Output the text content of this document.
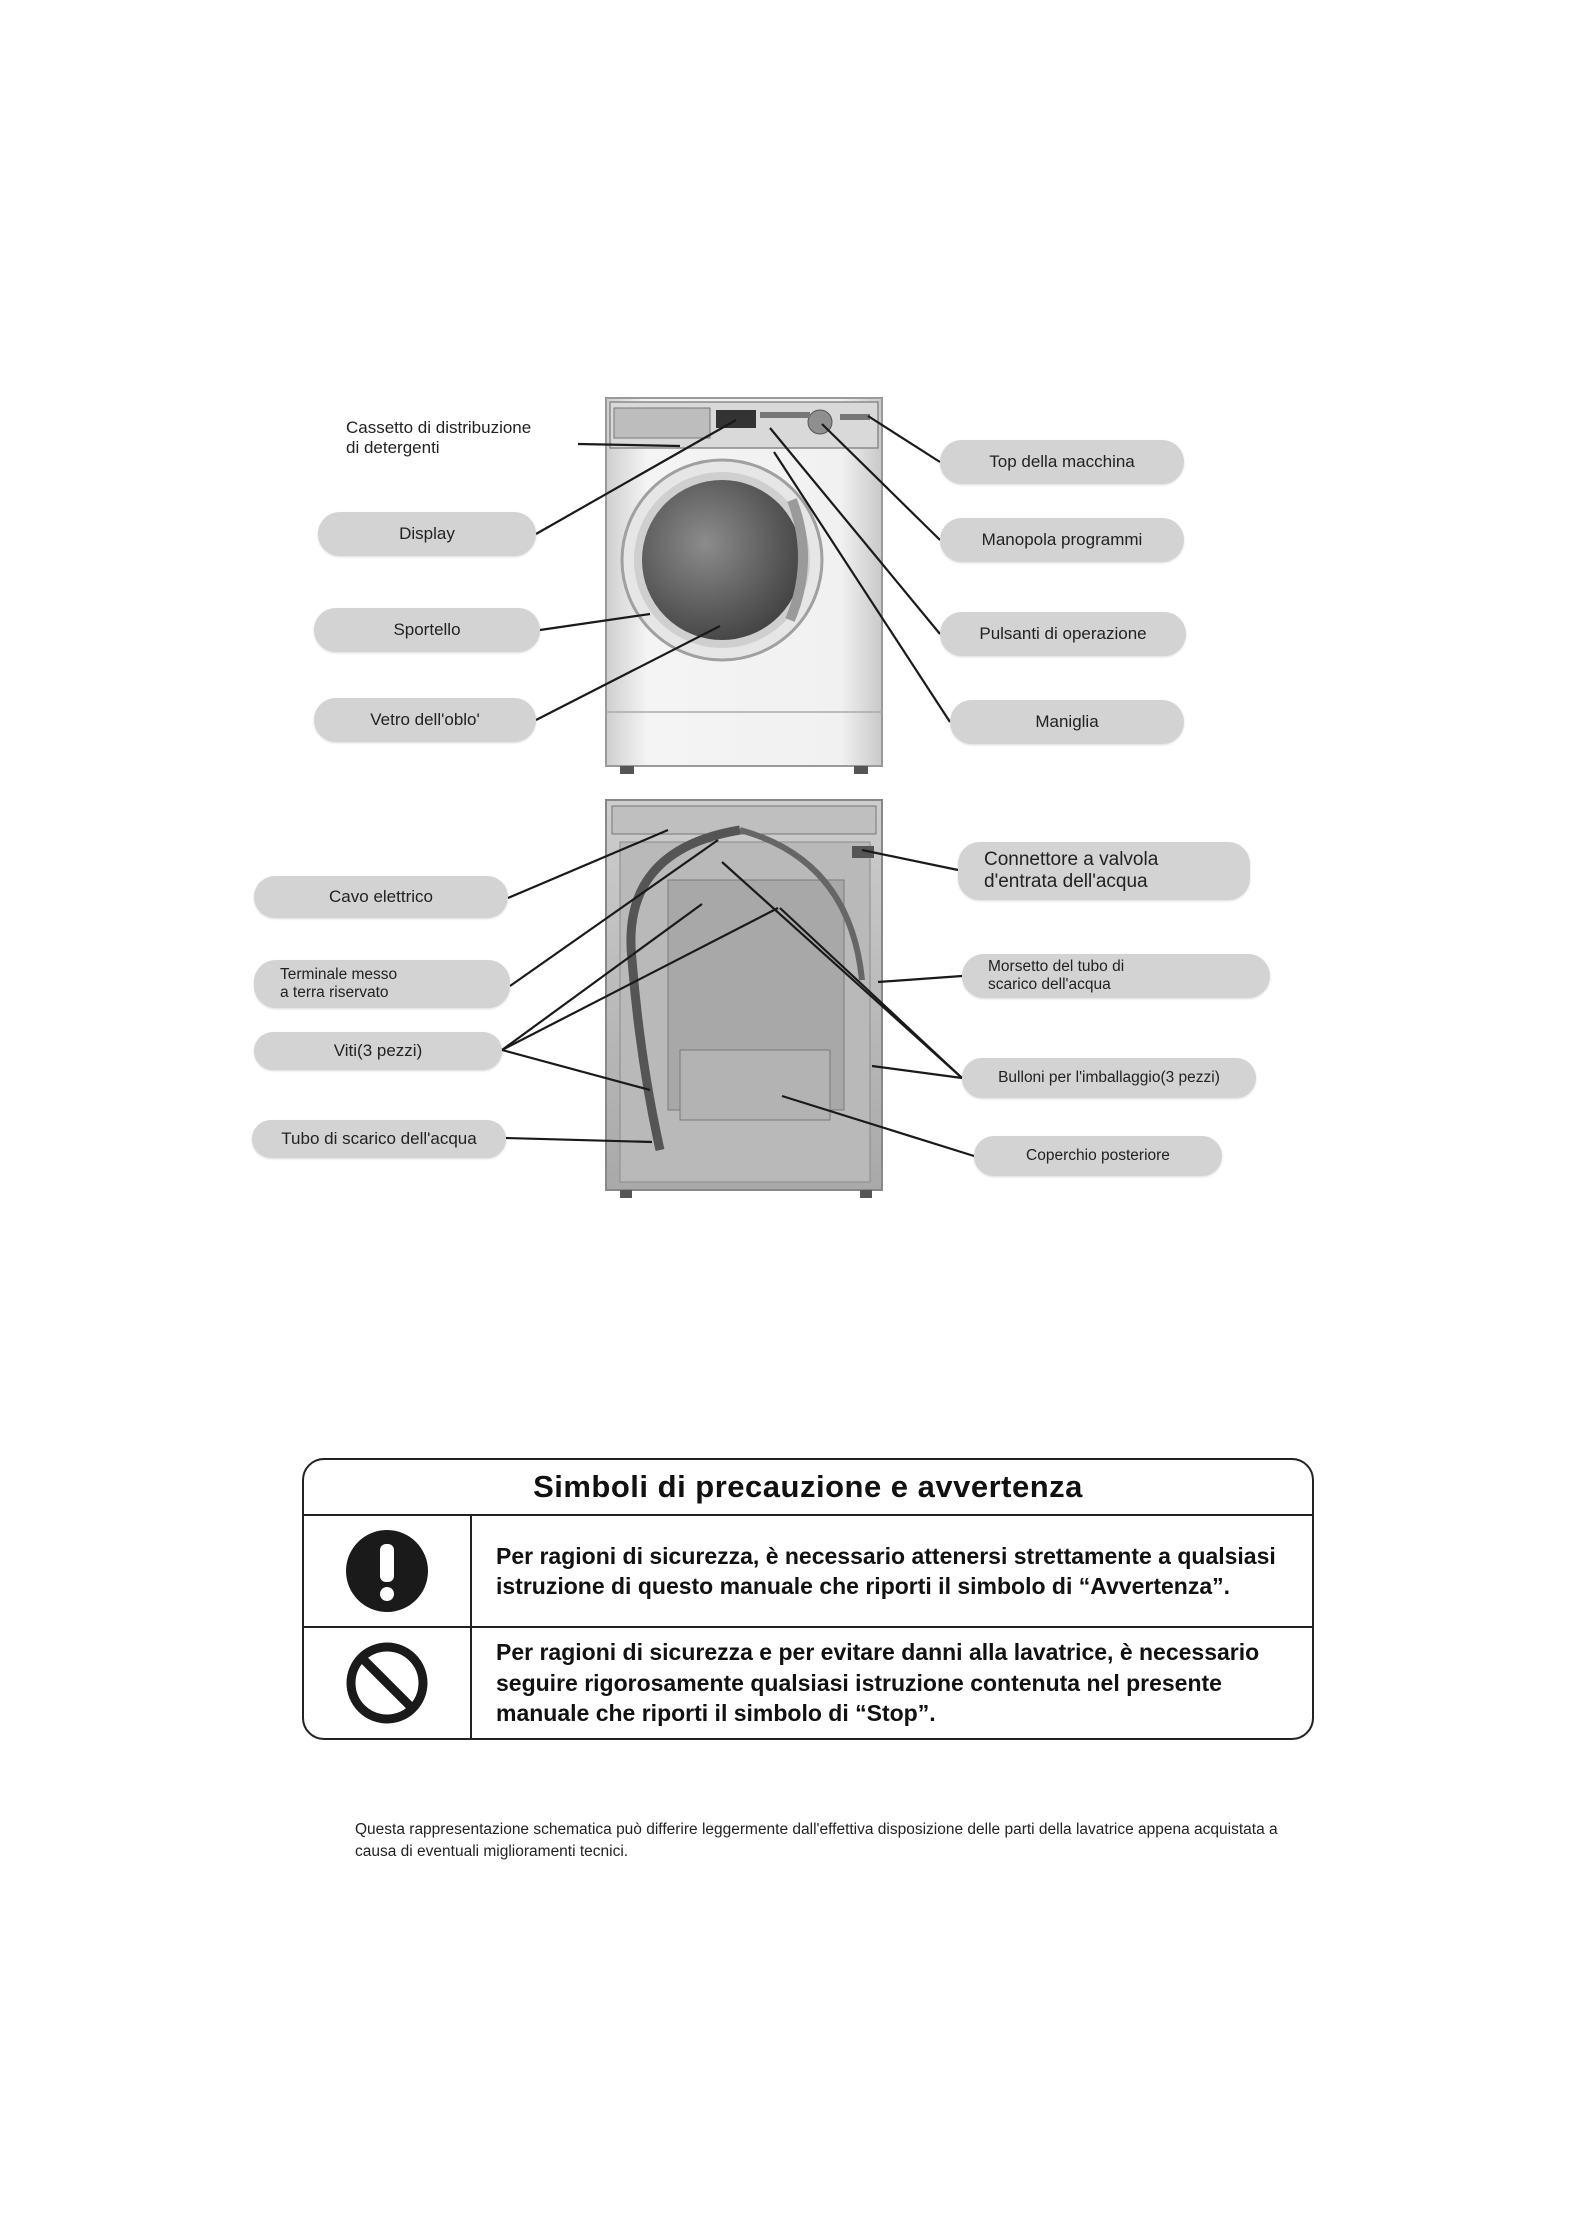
Cassetto di distribuzione
di detergenti
Display
Sportello
Vetro dell'oblo'
Top della macchina
Manopola programmi
Pulsanti di operazione
Maniglia
Cavo elettrico
Terminale messo
a terra riservato
Viti(3 pezzi)
Tubo di scarico dell'acqua
Connettore a valvola
d'entrata dell'acqua
Morsetto del tubo di
scarico dell'acqua
Bulloni per l'imballaggio(3 pezzi)
Coperchio posteriore
Simboli di precauzione e avvertenza
Per ragioni di sicurezza, è necessario attenersi strettamente a qualsiasi istruzione di questo manuale che riporti il simbolo di “Avvertenza”.
Per ragioni di sicurezza e per evitare danni alla lavatrice, è necessario seguire rigorosamente qualsiasi istruzione contenuta nel presente manuale che riporti il simbolo di “Stop”.
Questa rappresentazione schematica può differire leggermente dall'effettiva disposizione delle parti della lavatrice appena acquistata a causa di eventuali miglioramenti tecnici.
